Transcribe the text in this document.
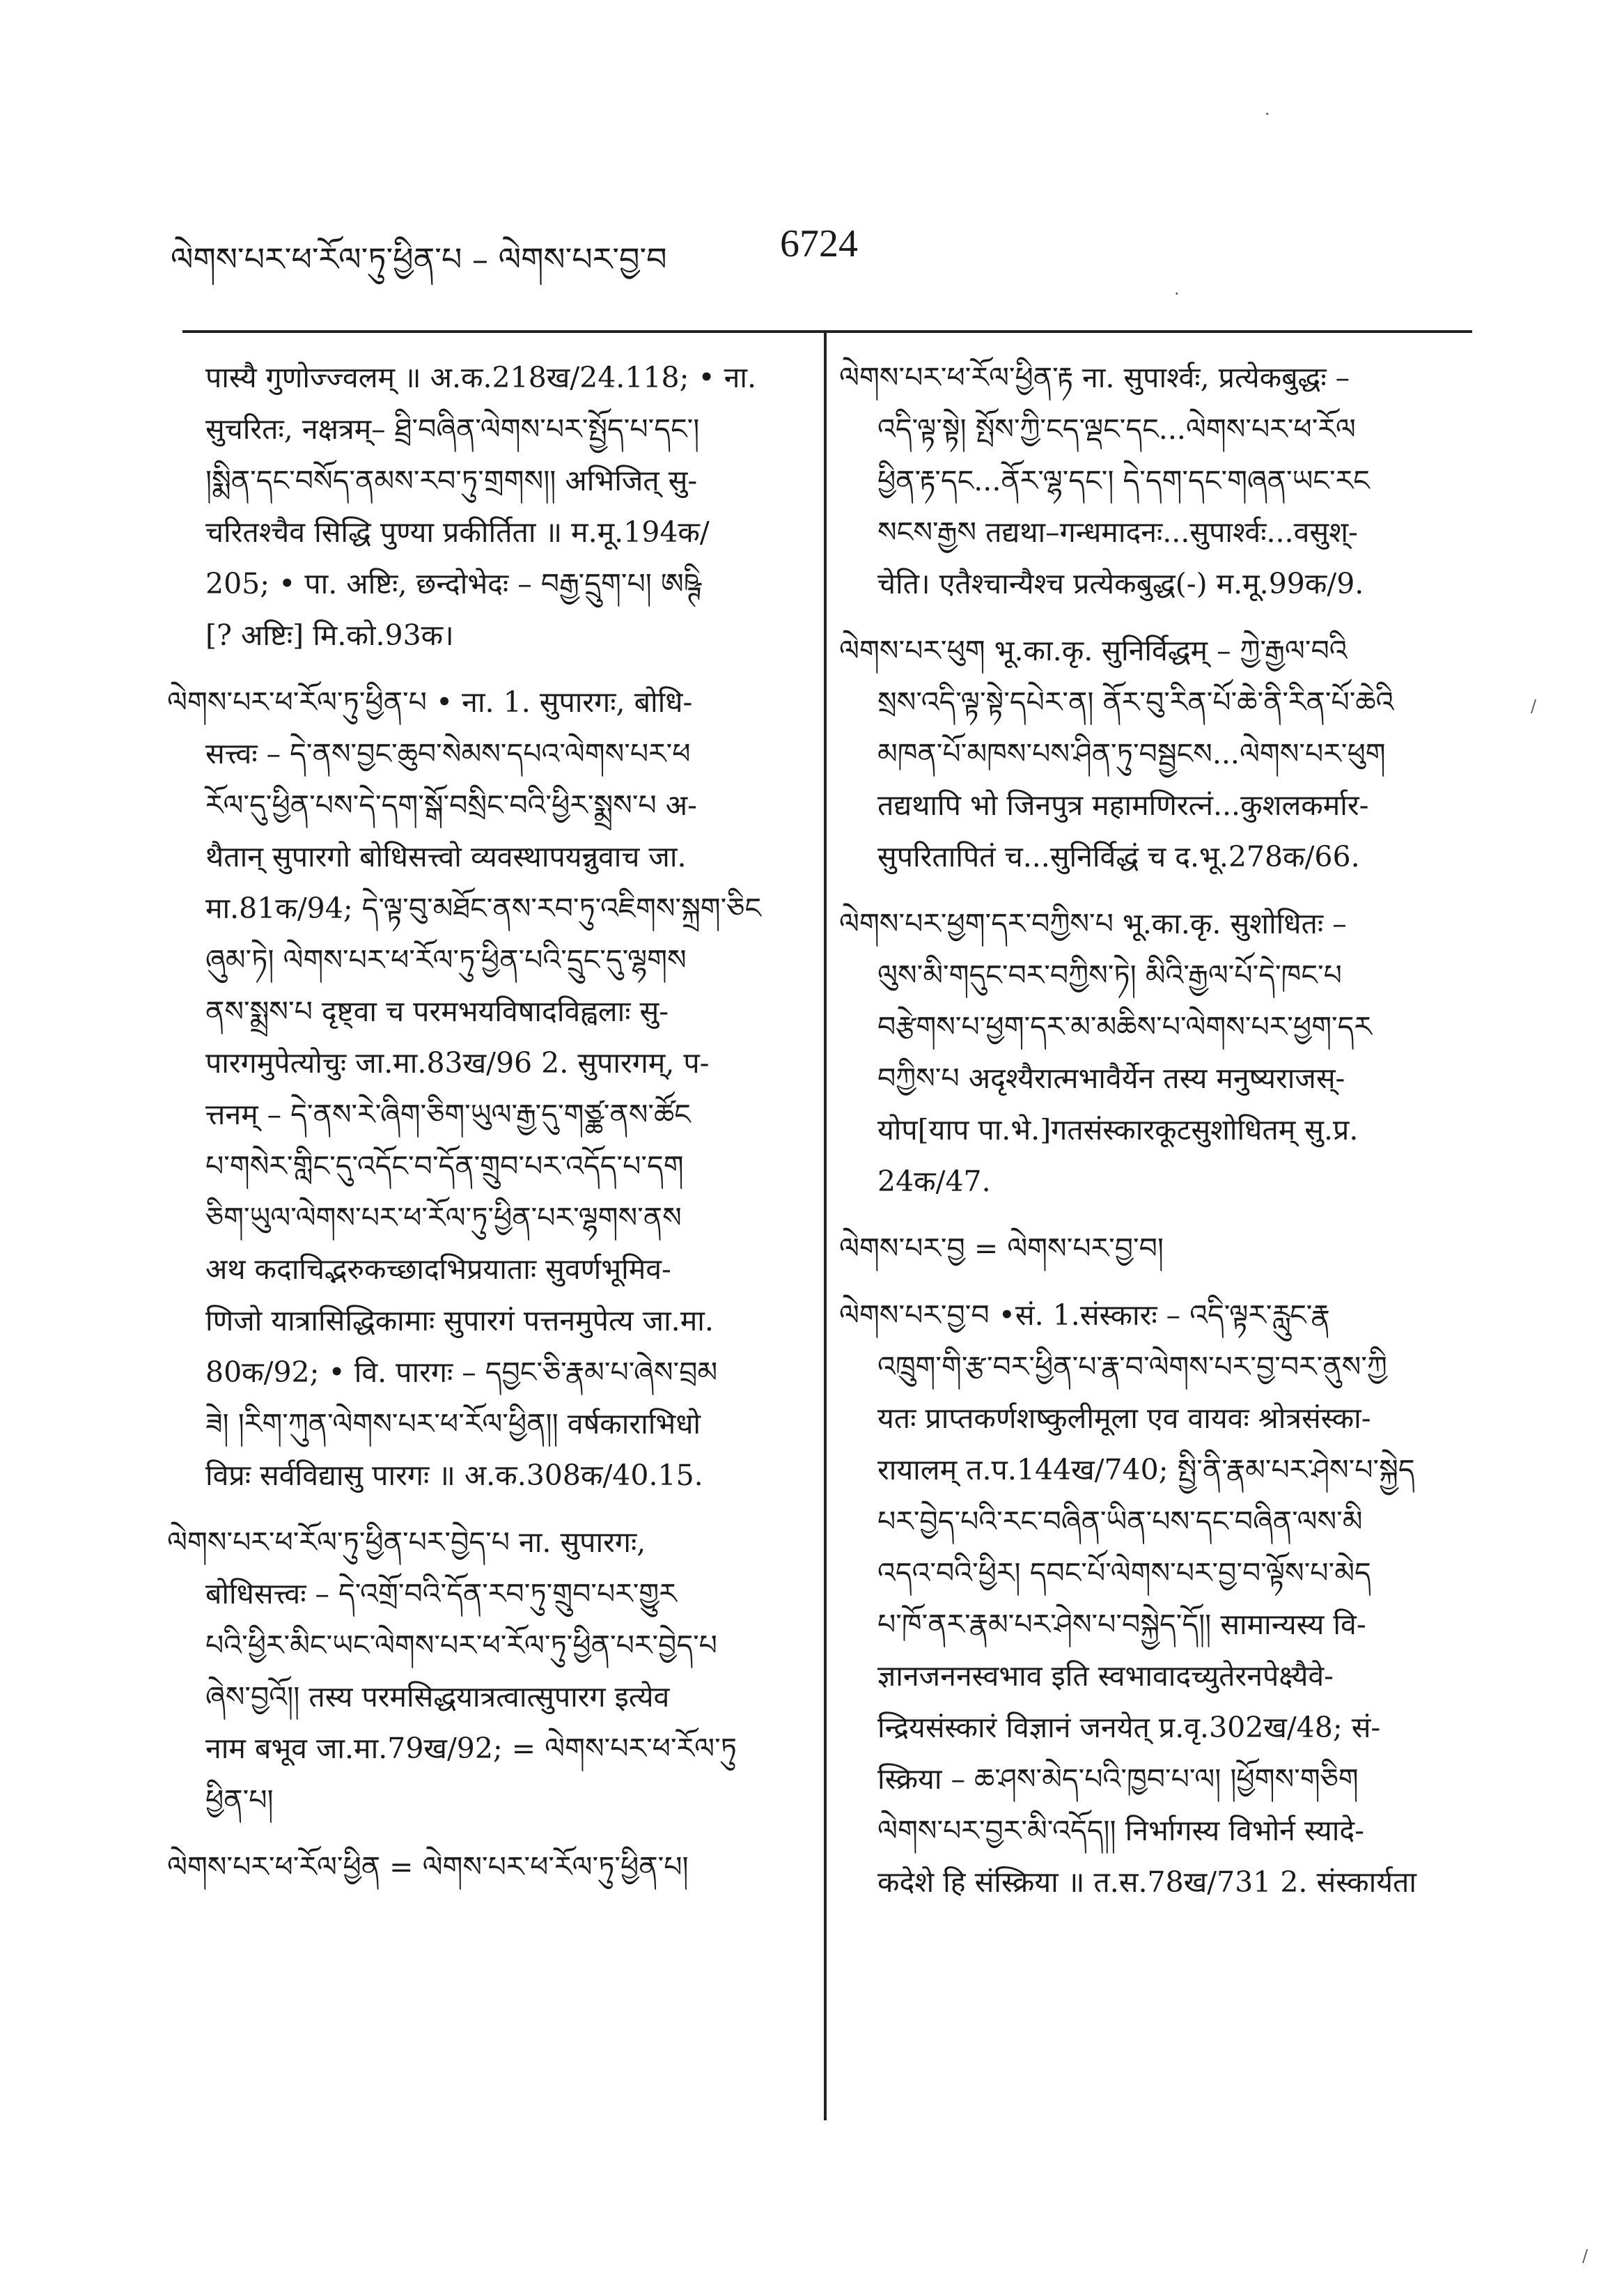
ལེགས་པར་ཕ་རོལ་ཏུ་ཕྱིན་པ – ལེགས་པར་བྱ་བ	6724
पास्यै गुणोज्ज्वलम् ॥ अ.क.218ख/24.118; • ना.
सुचरितः, नक्षत्रम्– ཐྲི་བཞིན་ལེགས་པར་སྤྱོད་པ་དང་།
།སྨིན་དང་བསོད་ནམས་རབ་ཏུ་གྲགས།། अभिजित् सु-
चरितश्चैव सिद्धि पुण्या प्रकीर्तिता ॥ म.मू.194क/
205; • पा. अष्टिः, छन्दोभेदः – བརྒྱ་དྲུག་པ། ཨཥྚི
[? अष्टिः] मि.को.93क।
ལེགས་པར་ཕ་རོལ་ཏུ་ཕྱིན་པ • ना. 1. सुपारगः, बोधि-
सत्त्वः – དེ་ནས་བྱང་ཆུབ་སེམས་དཔའ་ལེགས་པར་ཕ
རོལ་དུ་ཕྱིན་པས་དེ་དག་སྒོ་བསྲིང་བའི་ཕྱིར་སྨྲས་པ अ-
थैतान् सुपारगो बोधिसत्त्वो व्यवस्थापयन्नुवाच जा.
मा.81क/94; དེ་ལྟ་བུ་མཐོང་ནས་རབ་ཏུ་འཇིགས་སྐྲག་ཅིང
ཞུམ་ཏེ། ལེགས་པར་ཕ་རོལ་ཏུ་ཕྱིན་པའི་དྲུང་དུ་ལྷགས
ནས་སྨྲས་པ दृष्ट्वा च परमभयविषादविह्वलाः सु-
पारगमुपेत्योचुः जा.मा.83ख/96 2. सुपारगम्, प-
त्तनम् – དེ་ནས་རེ་ཞིག་ཅིག་ཡུལ་རྒྱ་དུ་གཙྪ་ནས་ཚོང
པ་གསེར་གླིང་དུ་འདོང་བ་དོན་གྲུབ་པར་འདོད་པ་དག
ཅིག་ཡུལ་ལེགས་པར་ཕ་རོལ་ཏུ་ཕྱིན་པར་ལྷགས་ནས
अथ कदाचिद्भरुकच्छादभिप्रयाताः सुवर्णभूमिव-
णिजो यात्रासिद्धिकामाः सुपारगं पत्तनमुपेत्य जा.मा.
80क/92; • वि. पारगः – དབྱང་ཅི་རྣམ་པ་ཞེས་བྲམ
ཟེ། །རིག་ཀུན་ལེགས་པར་ཕ་རོལ་ཕྱིན།། वर्षकाराभिधो
विप्रः सर्वविद्यासु पारगः ॥ अ.क.308क/40.15.
ལེགས་པར་ཕ་རོལ་ཏུ་ཕྱིན་པར་བྱེད་པ ना. सुपारगः,
बोधिसत्त्वः – དེ་འགྲོ་བའི་དོན་རབ་ཏུ་གྲུབ་པར་གྱུར
པའི་ཕྱིར་མིང་ཡང་ལེགས་པར་ཕ་རོལ་ཏུ་ཕྱིན་པར་བྱེད་པ
ཞེས་བྱའོ།། तस्य परमसिद्धयात्रत्वात्सुपारग इत्येव
नाम बभूव जा.मा.79ख/92; = ལེགས་པར་ཕ་རོལ་ཏུ
ཕྱིན་པ།
ལེགས་པར་ཕ་རོལ་ཕྱིན = ལེགས་པར་ཕ་རོལ་ཏུ་ཕྱིན་པ།
ལེགས་པར་ཕ་རོལ་ཕྱིན་རྟ ना. सुपार्श्वः, प्रत्येकबुद्धः –
འདི་ལྟ་སྟེ། སྤོས་ཀྱི་ངད་ལྡང་དང...ལེགས་པར་ཕ་རོལ
ཕྱིན་རྟ་དང...ནོར་ལྷ་དང་། དེ་དག་དང་གཞན་ཡང་རང
སངས་རྒྱས तद्यथा–गन्धमादनः...सुपार्श्वः...वसुश्-
चेति। एतैश्चान्यैश्च प्रत्येकबुद्ध(-) म.मू.99क/9.
ལེགས་པར་ཕུག भू.का.कृ. सुनिर्विद्धम् – ཀྱེ་རྒྱལ་བའི
སྲས་འདི་ལྟ་སྟེ་དཔེར་ན། ནོར་བུ་རིན་པོ་ཆེ་ནི་རིན་པོ་ཆེའི
མཁན་པོ་མཁས་པས་ཤིན་ཏུ་བསྦྱངས...ལེགས་པར་ཕུག
तद्यथापि भो जिनपुत्र महामणिरत्नं...कुशलकर्मार-
सुपरितापितं च...सुनिर्विद्धं च द.भू.278क/66.
ལེགས་པར་ཕྱག་དར་བཀྱིས་པ भू.का.कृ. सुशोधितः –
ལུས་མི་གདུང་བར་བཀྱིས་ཏེ། མིའི་རྒྱལ་པོ་དེ་ཁང་པ
བརྩེགས་པ་ཕྱག་དར་མ་མཆིས་པ་ལེགས་པར་ཕྱག་དར
བཀྱིས་པ अदृश्यैरात्मभावैर्येन तस्य मनुष्यराजस्-
योप[याप पा.भे.]गतसंस्कारकूटसुशोधितम् सु.प्र.
24क/47.
ལེགས་པར་བྱ = ལེགས་པར་བྱ་བ།
ལེགས་པར་བྱ་བ •सं. 1.संस्कारः – འདི་ལྟར་རླུང་རྣ
འཁྲུག་གི་རྩ་བར་ཕྱིན་པ་རྣ་བ་ལེགས་པར་བྱ་བར་ནུས་ཀྱི
यतः प्राप्तकर्णशष्कुलीमूला एव वायवः श्रोत्रसंस्का-
रायालम् त.प.144ख/740; སྤྱི་ནི་རྣམ་པར་ཤེས་པ་སྐྱེད
པར་བྱེད་པའི་རང་བཞིན་ཡིན་པས་དང་བཞིན་ལས་མི
འདའ་བའི་ཕྱིར། དབང་པོ་ལེགས་པར་བྱ་བ་ལྟོས་པ་མེད
པ་ཁོ་ནར་རྣམ་པར་ཤེས་པ་བསྐྱེད་དོ།། सामान्यस्य वि-
ज्ञानजननस्वभाव इति स्वभावादच्युतेरनपेक्ष्यैवे-
न्द्रियसंस्कारं विज्ञानं जनयेत् प्र.वृ.302ख/48; सं-
स्क्रिया – ཆ་ཤས་མེད་པའི་ཁྱབ་པ་ལ། །ཕྱོགས་གཅིག
ལེགས་པར་བྱར་མི་འདོད།། निर्भागस्य विभोर्न स्यादे-
कदेशे हि संस्क्रिया ॥ त.स.78ख/731 2. संस्कार्यता
·
·
/
/
